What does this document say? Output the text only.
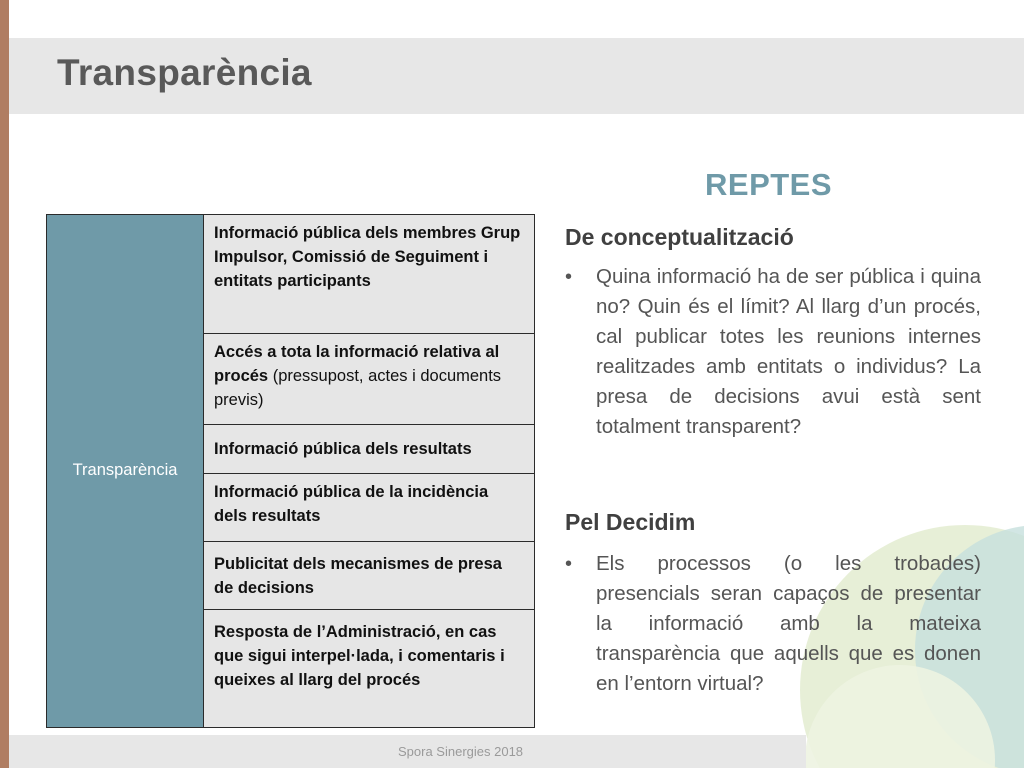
Transparència
Transparència
Informació pública dels membres Grup Impulsor, Comissió de Seguiment i entitats participants
Accés a tota la informació relativa al procés (pressupost, actes i documents previs)
Informació pública dels resultats
Informació pública de la incidència dels resultats
Publicitat dels mecanismes de presa de decisions
Resposta de l’Administració, en cas que sigui interpel·lada, i comentaris i queixes al llarg del procés
REPTES
De conceptualització
• Quina informació ha de ser pública i quina no? Quin és el límit? Al llarg d’un procés, cal publicar totes les reunions internes realitzades amb entitats o individus? La presa de decisions avui està sent totalment transparent?

Pel Decidim
• Els processos (o les trobades) presencials seran capaços de presentar la informació amb la mateixa transparència que aquells que es donen en l’entorn virtual?

Spora Sinergies 2018
